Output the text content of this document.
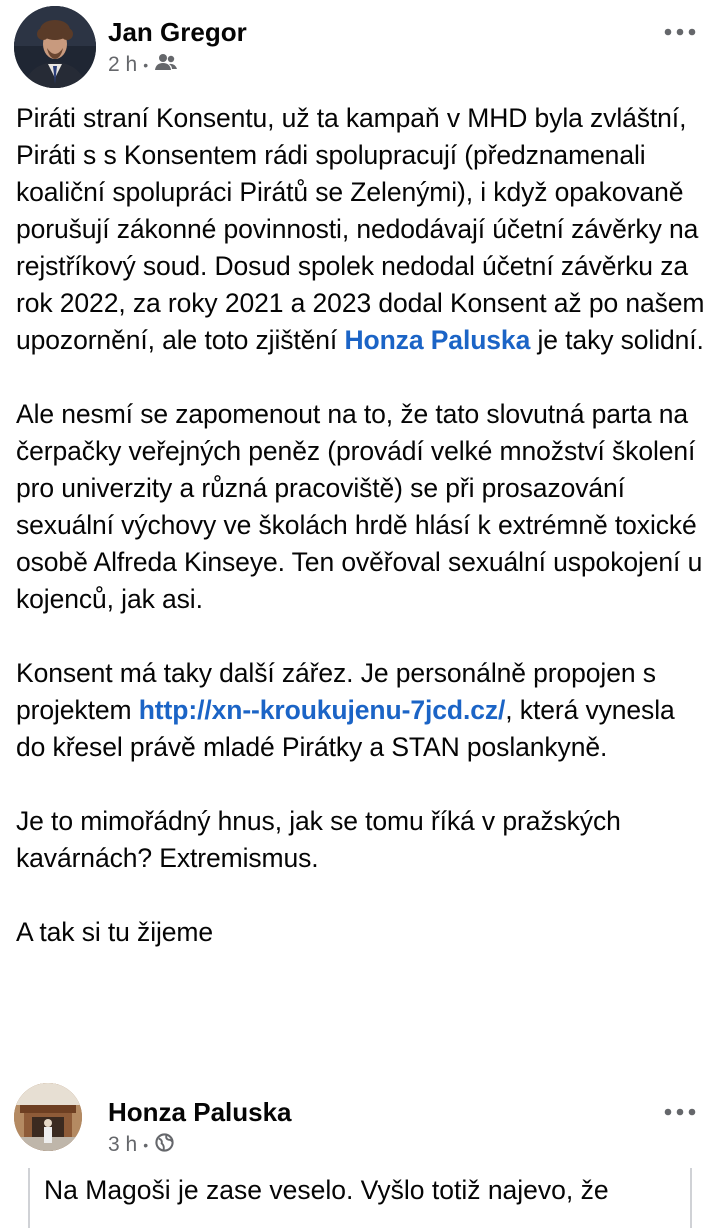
Jan Gregor
2 h •

Piráti straní Konsentu, už ta kampaň v MHD byla zvláštní, Piráti s s Konsentem rádi spolupracují (předznamenali koaliční spolupráci Pirátů se Zelenými), i když opakovaně porušují zákonné povinnosti, nedodávají účetní závěrky na rejstříkový soud. Dosud spolek nedodal účetní závěrku za rok 2022, za roky 2021 a 2023 dodal Konsent až po našem upozornění, ale toto zjištění Honza Paluska je taky solidní.

Ale nesmí se zapomenout na to, že tato slovutná parta na čerpačky veřejných peněz (provádí velké množství školení pro univerzity a různá pracoviště) se při prosazování sexuální výchovy ve školách hrdě hlásí k extrémně toxické osobě Alfreda Kinseye. Ten ověřoval sexuální uspokojení u kojenců, jak asi.

Konsent má taky další zářez. Je personálně propojen s projektem http://xn--kroukujenu-7jcd.cz/, která vynesla do křesel právě mladé Pirátky a STAN poslankyně.

Je to mimořádný hnus, jak se tomu říká v pražských kavárnách? Extremismus.

A tak si tu žijeme

Honza Paluska
3 h •
Na Magoši je zase veselo. Vyšlo totiž najevo, že
